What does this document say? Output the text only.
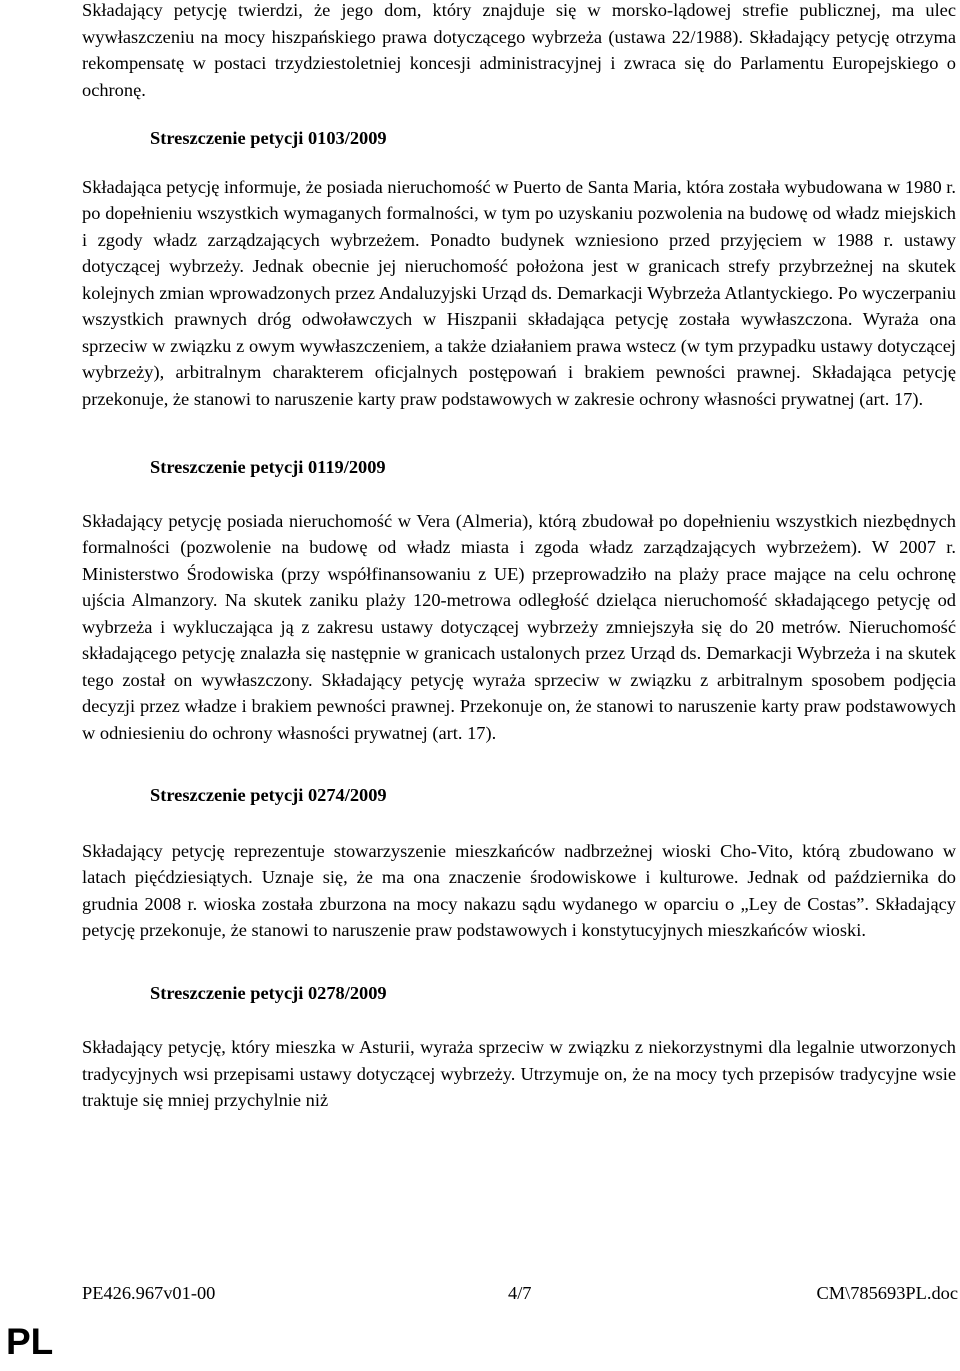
Składający petycję twierdzi, że jego dom, który znajduje się w morsko-lądowej strefie publicznej, ma ulec wywłaszczeniu na mocy hiszpańskiego prawa dotyczącego wybrzeża (ustawa 22/1988). Składający petycję otrzyma rekompensatę w postaci trzydziestoletniej koncesji administracyjnej i zwraca się do Parlamentu Europejskiego o ochronę.

Streszczenie petycji 0103/2009

Składająca petycję informuje, że posiada nieruchomość w Puerto de Santa Maria, która została wybudowana w 1980 r. po dopełnieniu wszystkich wymaganych formalności, w tym po uzyskaniu pozwolenia na budowę od władz miejskich i zgody władz zarządzających wybrzeżem. Ponadto budynek wzniesiono przed przyjęciem w 1988 r. ustawy dotyczącej wybrzeży. Jednak obecnie jej nieruchomość położona jest w granicach strefy przybrzeżnej na skutek kolejnych zmian wprowadzonych przez Andaluzyjski Urząd ds. Demarkacji Wybrzeża Atlantyckiego. Po wyczerpaniu wszystkich prawnych dróg odwoławczych w Hiszpanii składająca petycję została wywłaszczona. Wyraża ona sprzeciw w związku z owym wywłaszczeniem, a także działaniem prawa wstecz (w tym przypadku ustawy dotyczącej wybrzeży), arbitralnym charakterem oficjalnych postępowań i brakiem pewności prawnej. Składająca petycję przekonuje, że stanowi to naruszenie karty praw podstawowych w zakresie ochrony własności prywatnej (art. 17).

Streszczenie petycji 0119/2009

Składający petycję posiada nieruchomość w Vera (Almeria), którą zbudował po dopełnieniu wszystkich niezbędnych formalności (pozwolenie na budowę od władz miasta i zgoda władz zarządzających wybrzeżem). W 2007 r. Ministerstwo Środowiska (przy współfinansowaniu z UE) przeprowadziło na plaży prace mające na celu ochronę ujścia Almanzory. Na skutek zaniku plaży 120-metrowa odległość dzieląca nieruchomość składającego petycję od wybrzeża i wykluczająca ją z zakresu ustawy dotyczącej wybrzeży zmniejszyła się do 20 metrów. Nieruchomość składającego petycję znalazła się następnie w granicach ustalonych przez Urząd ds. Demarkacji Wybrzeża i na skutek tego został on wywłaszczony. Składający petycję wyraża sprzeciw w związku z arbitralnym sposobem podjęcia decyzji przez władze i brakiem pewności prawnej. Przekonuje on, że stanowi to naruszenie karty praw podstawowych w odniesieniu do ochrony własności prywatnej (art. 17).

Streszczenie petycji 0274/2009

Składający petycję reprezentuje stowarzyszenie mieszkańców nadbrzeżnej wioski Cho-Vito, którą zbudowano w latach pięćdziesiątych. Uznaje się, że ma ona znaczenie środowiskowe i kulturowe. Jednak od października do grudnia 2008 r. wioska została zburzona na mocy nakazu sądu wydanego w oparciu o „Ley de Costas”. Składający petycję przekonuje, że stanowi to naruszenie praw podstawowych i konstytucyjnych mieszkańców wioski.

Streszczenie petycji 0278/2009

Składający petycję, który mieszka w Asturii, wyraża sprzeciw w związku z niekorzystnymi dla legalnie utworzonych tradycyjnych wsi przepisami ustawy dotyczącej wybrzeży. Utrzymuje on, że na mocy tych przepisów tradycyjne wsie traktuje się mniej przychylnie niż

PE426.967v01-00	4/7	CM\785693PL.doc
PL
